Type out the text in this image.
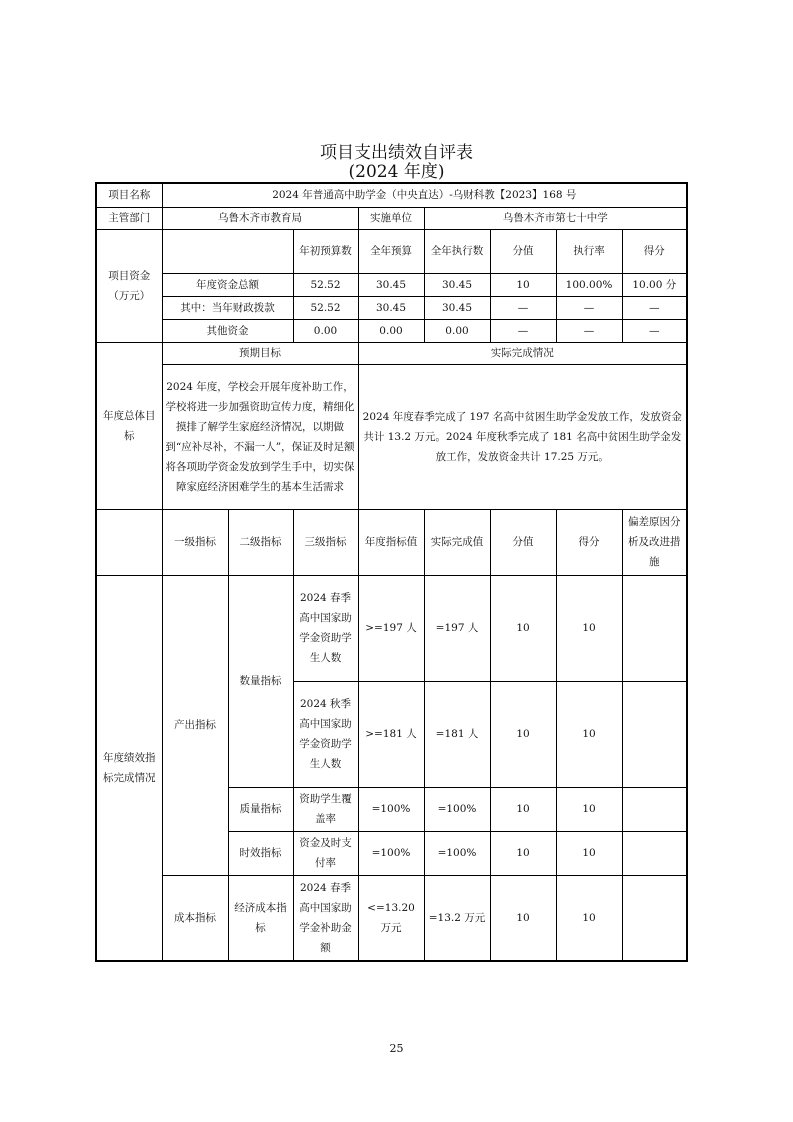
项目支出绩效自评表
(2024 年度)
项目名称	2024 年普通高中助学金（中央直达）-乌财科教【2023】168 号							
主管部门	乌鲁木齐市教育局			实施单位	乌鲁木齐市第七十中学			
项目资金（万元）			年初预算数	全年预算	全年执行数	分值	执行率	得分
	年度资金总额		52.52	30.45	30.45	10	100.00%	10.00 分
	其中：当年财政拨款		52.52	30.45	30.45	—	—	—
	其他资金		0.00	0.00	0.00	—	—	—
年度总体目标	预期目标			实际完成情况				
	2024 年度，学校会开展年度补助工作，学校将进一步加强资助宣传力度，精细化摸排了解学生家庭经济情况，以期做到“应补尽补，不漏一人”，保证及时足额将各项助学资金发放到学生手中，切实保障家庭经济困难学生的基本生活需求			2024 年度春季完成了 197 名高中贫困生助学金发放工作，发放资金共计 13.2 万元。2024 年度秋季完成了 181 名高中贫困生助学金发放工作，发放资金共计 17.25 万元。				
	一级指标	二级指标	三级指标	年度指标值	实际完成值	分值	得分	偏差原因分析及改进措施
年度绩效指标完成情况	产出指标	数量指标	2024 春季高中国家助学金资助学生人数	>=197 人	=197 人	10	10	
			2024 秋季高中国家助学金资助学生人数	>=181 人	=181 人	10	10	
		质量指标	资助学生覆盖率	=100%	=100%	10	10	
		时效指标	资金及时支付率	=100%	=100%	10	10	
	成本指标	经济成本指标	2024 春季高中国家助学金补助金额	<=13.20 万元	=13.2 万元	10	10	
25
